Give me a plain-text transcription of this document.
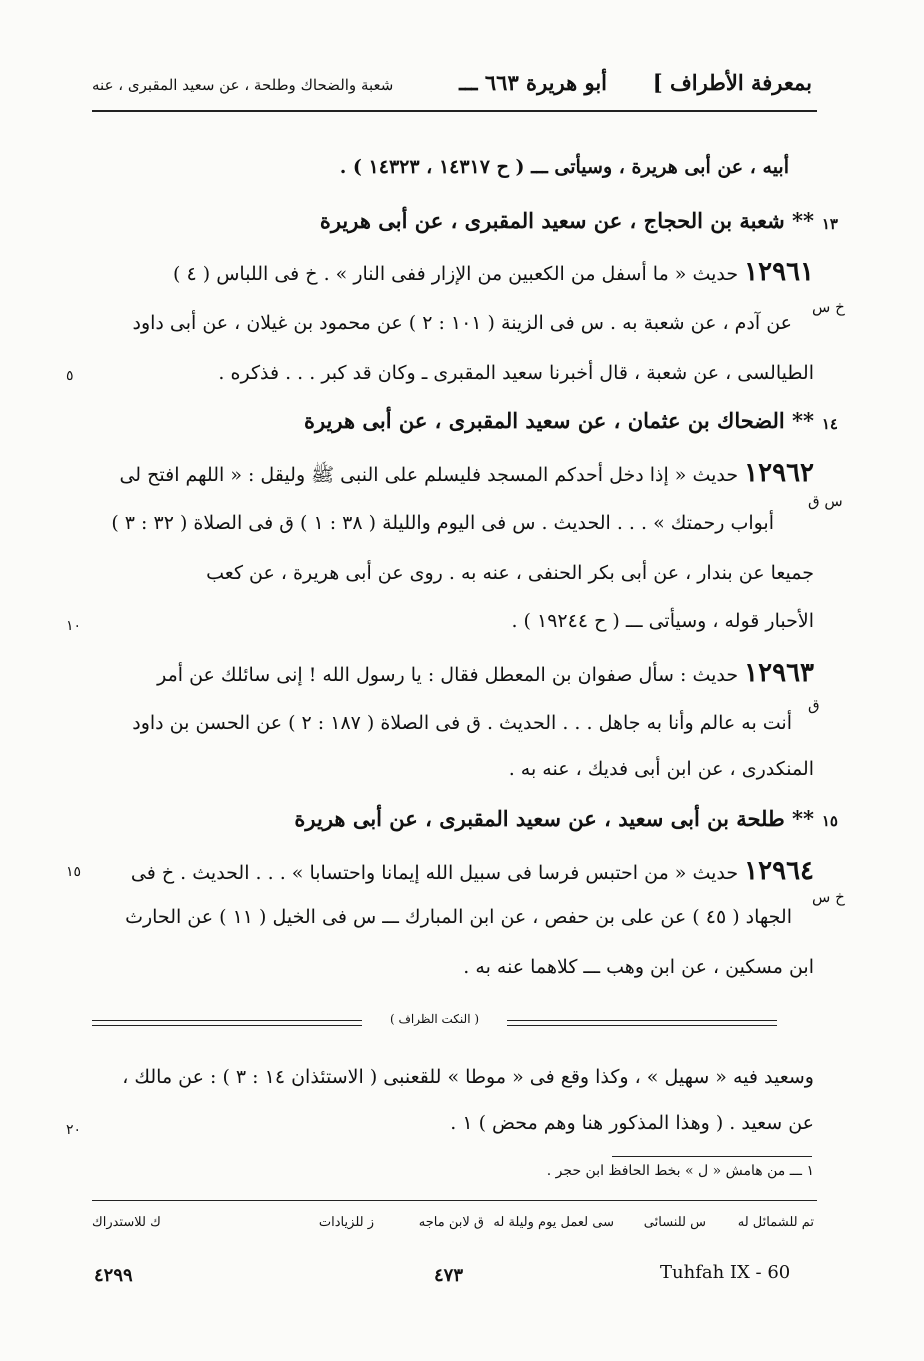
بمعرفة الأطراف ]
أبو هريرة ٦٦٣ ـــ
شعبة والضحاك وطلحة ، عن سعيد المقبرى ، عنه
أبيه ، عن أبى هريرة ، وسيأتى ـــ ( ح ١٤٣١٧ ، ١٤٣٢٣ ) .
١٣
** شعبة بن الحجاج ، عن سعيد المقبرى ، عن أبى هريرة
١٢٩٦١ حديث « ما أسفل من الكعبين من الإزار ففى النار » . خ فى اللباس ( ٤ )
خ س
عن آدم ، عن شعبة به . س فى الزينة ( ١٠١ : ٢ ) عن محمود بن غيلان ، عن أبى داود
الطيالسى ، عن شعبة ، قال أخبرنا سعيد المقبرى ـ وكان قد كبر . . . فذكره .
٥
١٤
** الضحاك بن عثمان ، عن سعيد المقبرى ، عن أبى هريرة
١٢٩٦٢ حديث « إذا دخل أحدكم المسجد فليسلم على النبى ﷺ وليقل : « اللهم افتح لى
س ق
أبواب رحمتك » . . . الحديث . س فى اليوم والليلة ( ٣٨ : ١ ) ق فى الصلاة ( ٣٢ : ٣ )
جميعا عن بندار ، عن أبى بكر الحنفى ، عنه به . روى عن أبى هريرة ، عن كعب
الأحبار قوله ، وسيأتى ـــ ( ح ١٩٢٤٤ ) .
١٠
١٢٩٦٣ حديث : سأل صفوان بن المعطل فقال : يا رسول الله ! إنى سائلك عن أمر
ق
أنت به عالم وأنا به جاهل . . . الحديث . ق فى الصلاة ( ١٨٧ : ٢ ) عن الحسن بن داود
المنكدرى ، عن ابن أبى فديك ، عنه به .
١٥
** طلحة بن أبى سعيد ، عن سعيد المقبرى ، عن أبى هريرة
١٢٩٦٤ حديث « من احتبس فرسا فى سبيل الله إيمانا واحتسابا » . . . الحديث . خ فى
١٥
خ س
الجهاد ( ٤٥ ) عن على بن حفص ، عن ابن المبارك ـــ س فى الخيل ( ١١ ) عن الحارث
ابن مسكين ، عن ابن وهب ـــ كلاهما عنه به .
( النكت الظراف )
وسعيد فيه « سهيل » ، وكذا وقع فى « موطا » للقعنبى ( الاستئذان ١٤ : ٣ ) : عن مالك ،
عن سعيد . ( وهذا المذكور هنا وهم محض ) ١ .
٢٠
١ ـــ من هامش « ل » بخط الحافظ ابن حجر .
تم للشمائل له
س للنسائى
سى لعمل يوم وليلة له
ق لابن ماجه
ز للزيادات
ك للاستدراك
٤٢٩٩	٤٧٣	Tuhfah IX - 60
